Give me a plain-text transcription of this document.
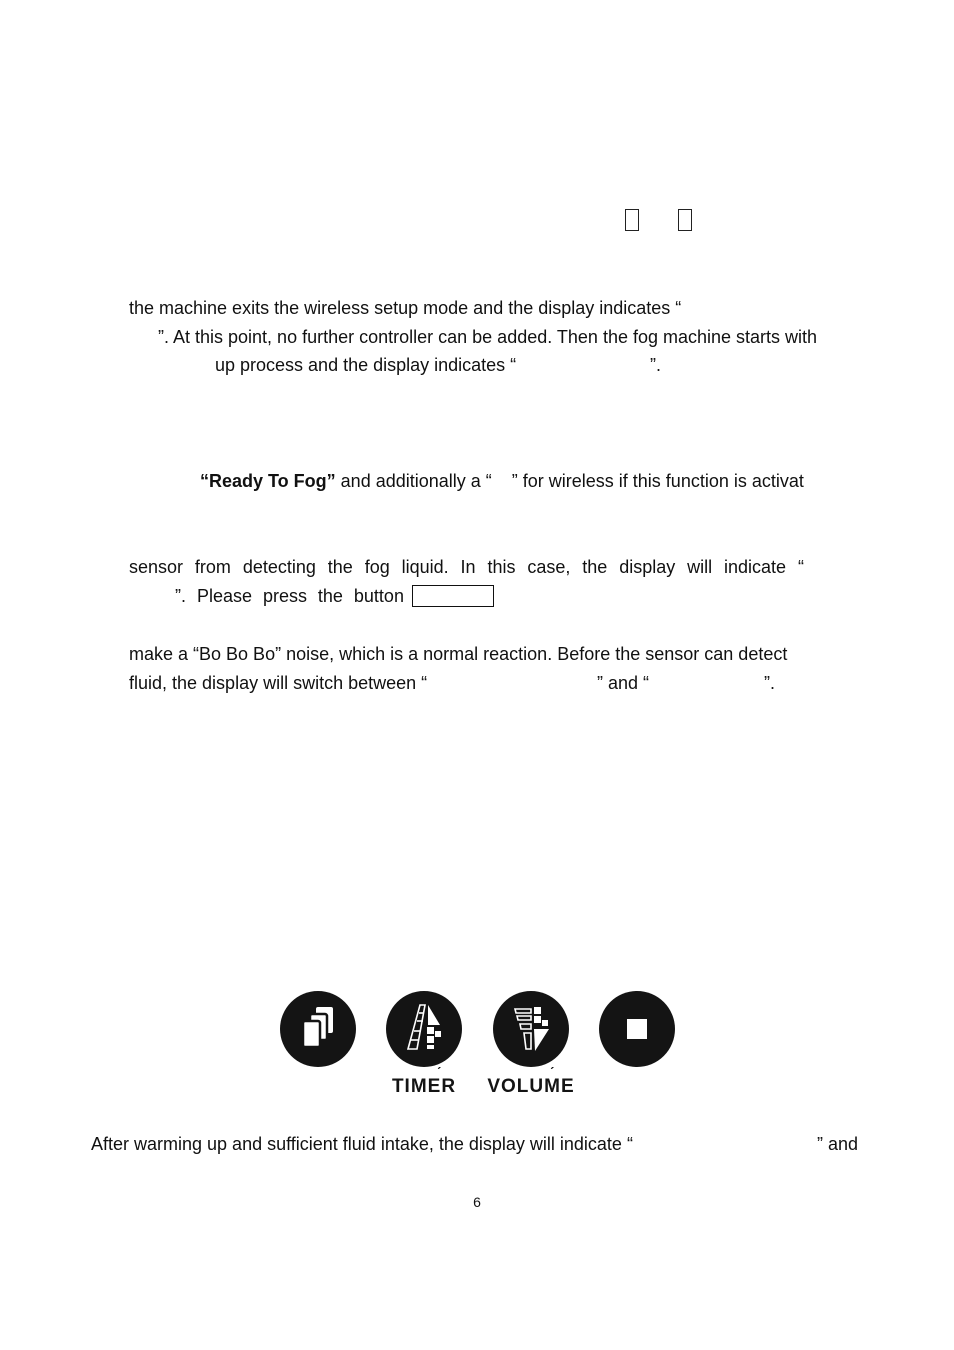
the machine exits the wireless setup mode and the display indicates “
”. At this point, no further controller can be added. Then the fog machine starts with
up process and the display indicates “	”.
“Ready To Fog” and additionally a “    ” for wireless if this function is activat
sensor from detecting the fog liquid. In this case, the display will indicate “
”. Please press the button
make a “Bo Bo Bo” noise, which is a normal reaction. Before the sensor can detect
fluid, the display will switch between “	” and “	”.
ˊ
TIMER
ˊ
VOLUME
After warming up and sufficient fluid intake, the display will indicate “	” and
6
